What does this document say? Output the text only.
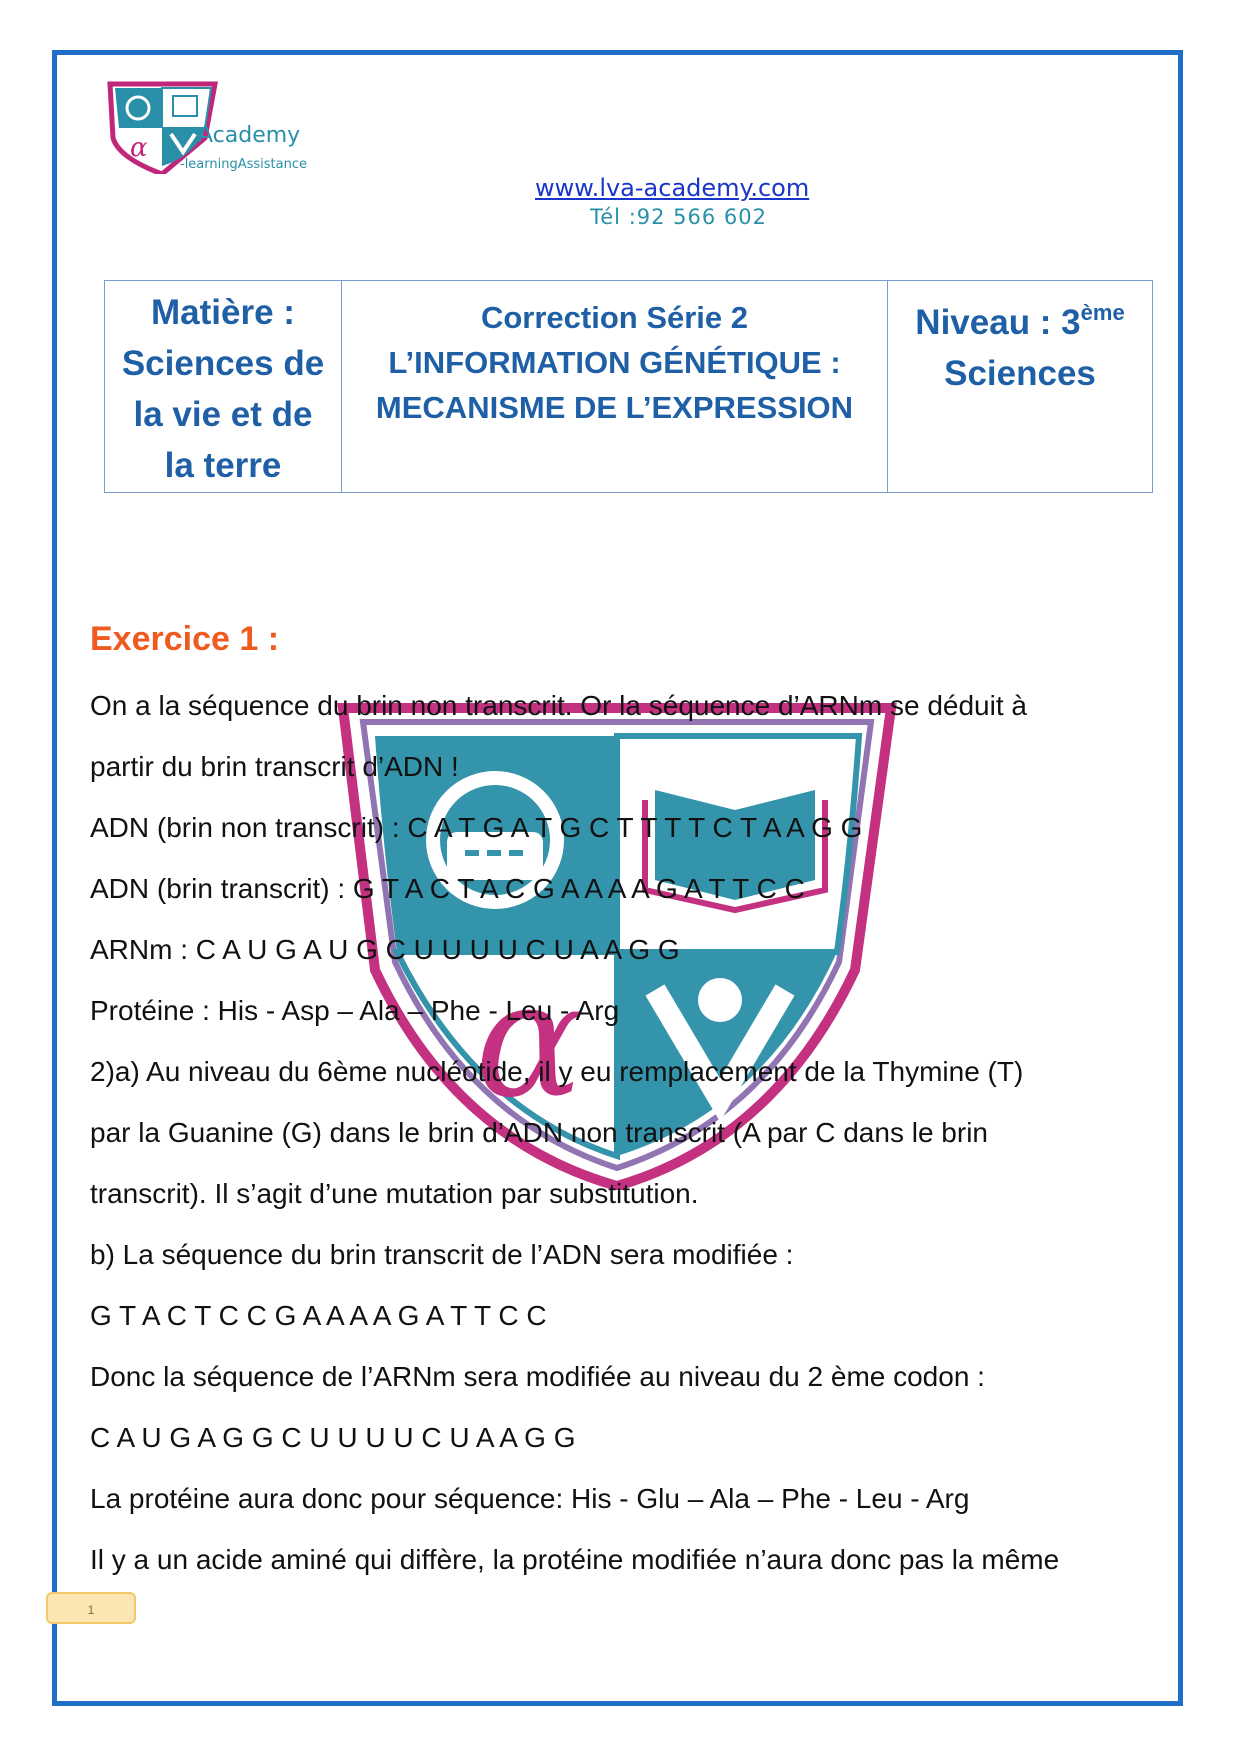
α Academy
-learningAssistance
www.lva-academy.com
Tél :92 566 602
Matière :
Sciences de
la vie et de
la terre

Correction Série 2
L’INFORMATION GÉNÉTIQUE :
MECANISME DE L’EXPRESSION

Niveau : 3ème
Sciences
α
Exercice 1 :
On a la séquence du brin non transcrit. Or la séquence d’ARNm se déduit à
partir du brin transcrit d’ADN !
ADN (brin non transcrit) : C A T G A T G C T T T T C T A A G G
ADN (brin transcrit) : G T A C T A C G A A A A G A T T C C
ARNm : C A U G A U G C U U U U C U A A G G
Protéine : His - Asp – Ala – Phe - Leu - Arg
2)a) Au niveau du 6ème nucléotide, il y eu remplacement de la Thymine (T)
par la Guanine (G) dans le brin d’ADN non transcrit (A par C dans le brin
transcrit). Il s’agit d’une mutation par substitution.
b) La séquence du brin transcrit de l’ADN sera modifiée :
G T A C T C C G A A A A G A T T C C
Donc la séquence de l’ARNm sera modifiée au niveau du 2 ème codon :
C A U G A G G C U U U U C U A A G G
La protéine aura donc pour séquence: His - Glu – Ala – Phe - Leu - Arg
Il y a un acide aminé qui diffère, la protéine modifiée n’aura donc pas la même
1
